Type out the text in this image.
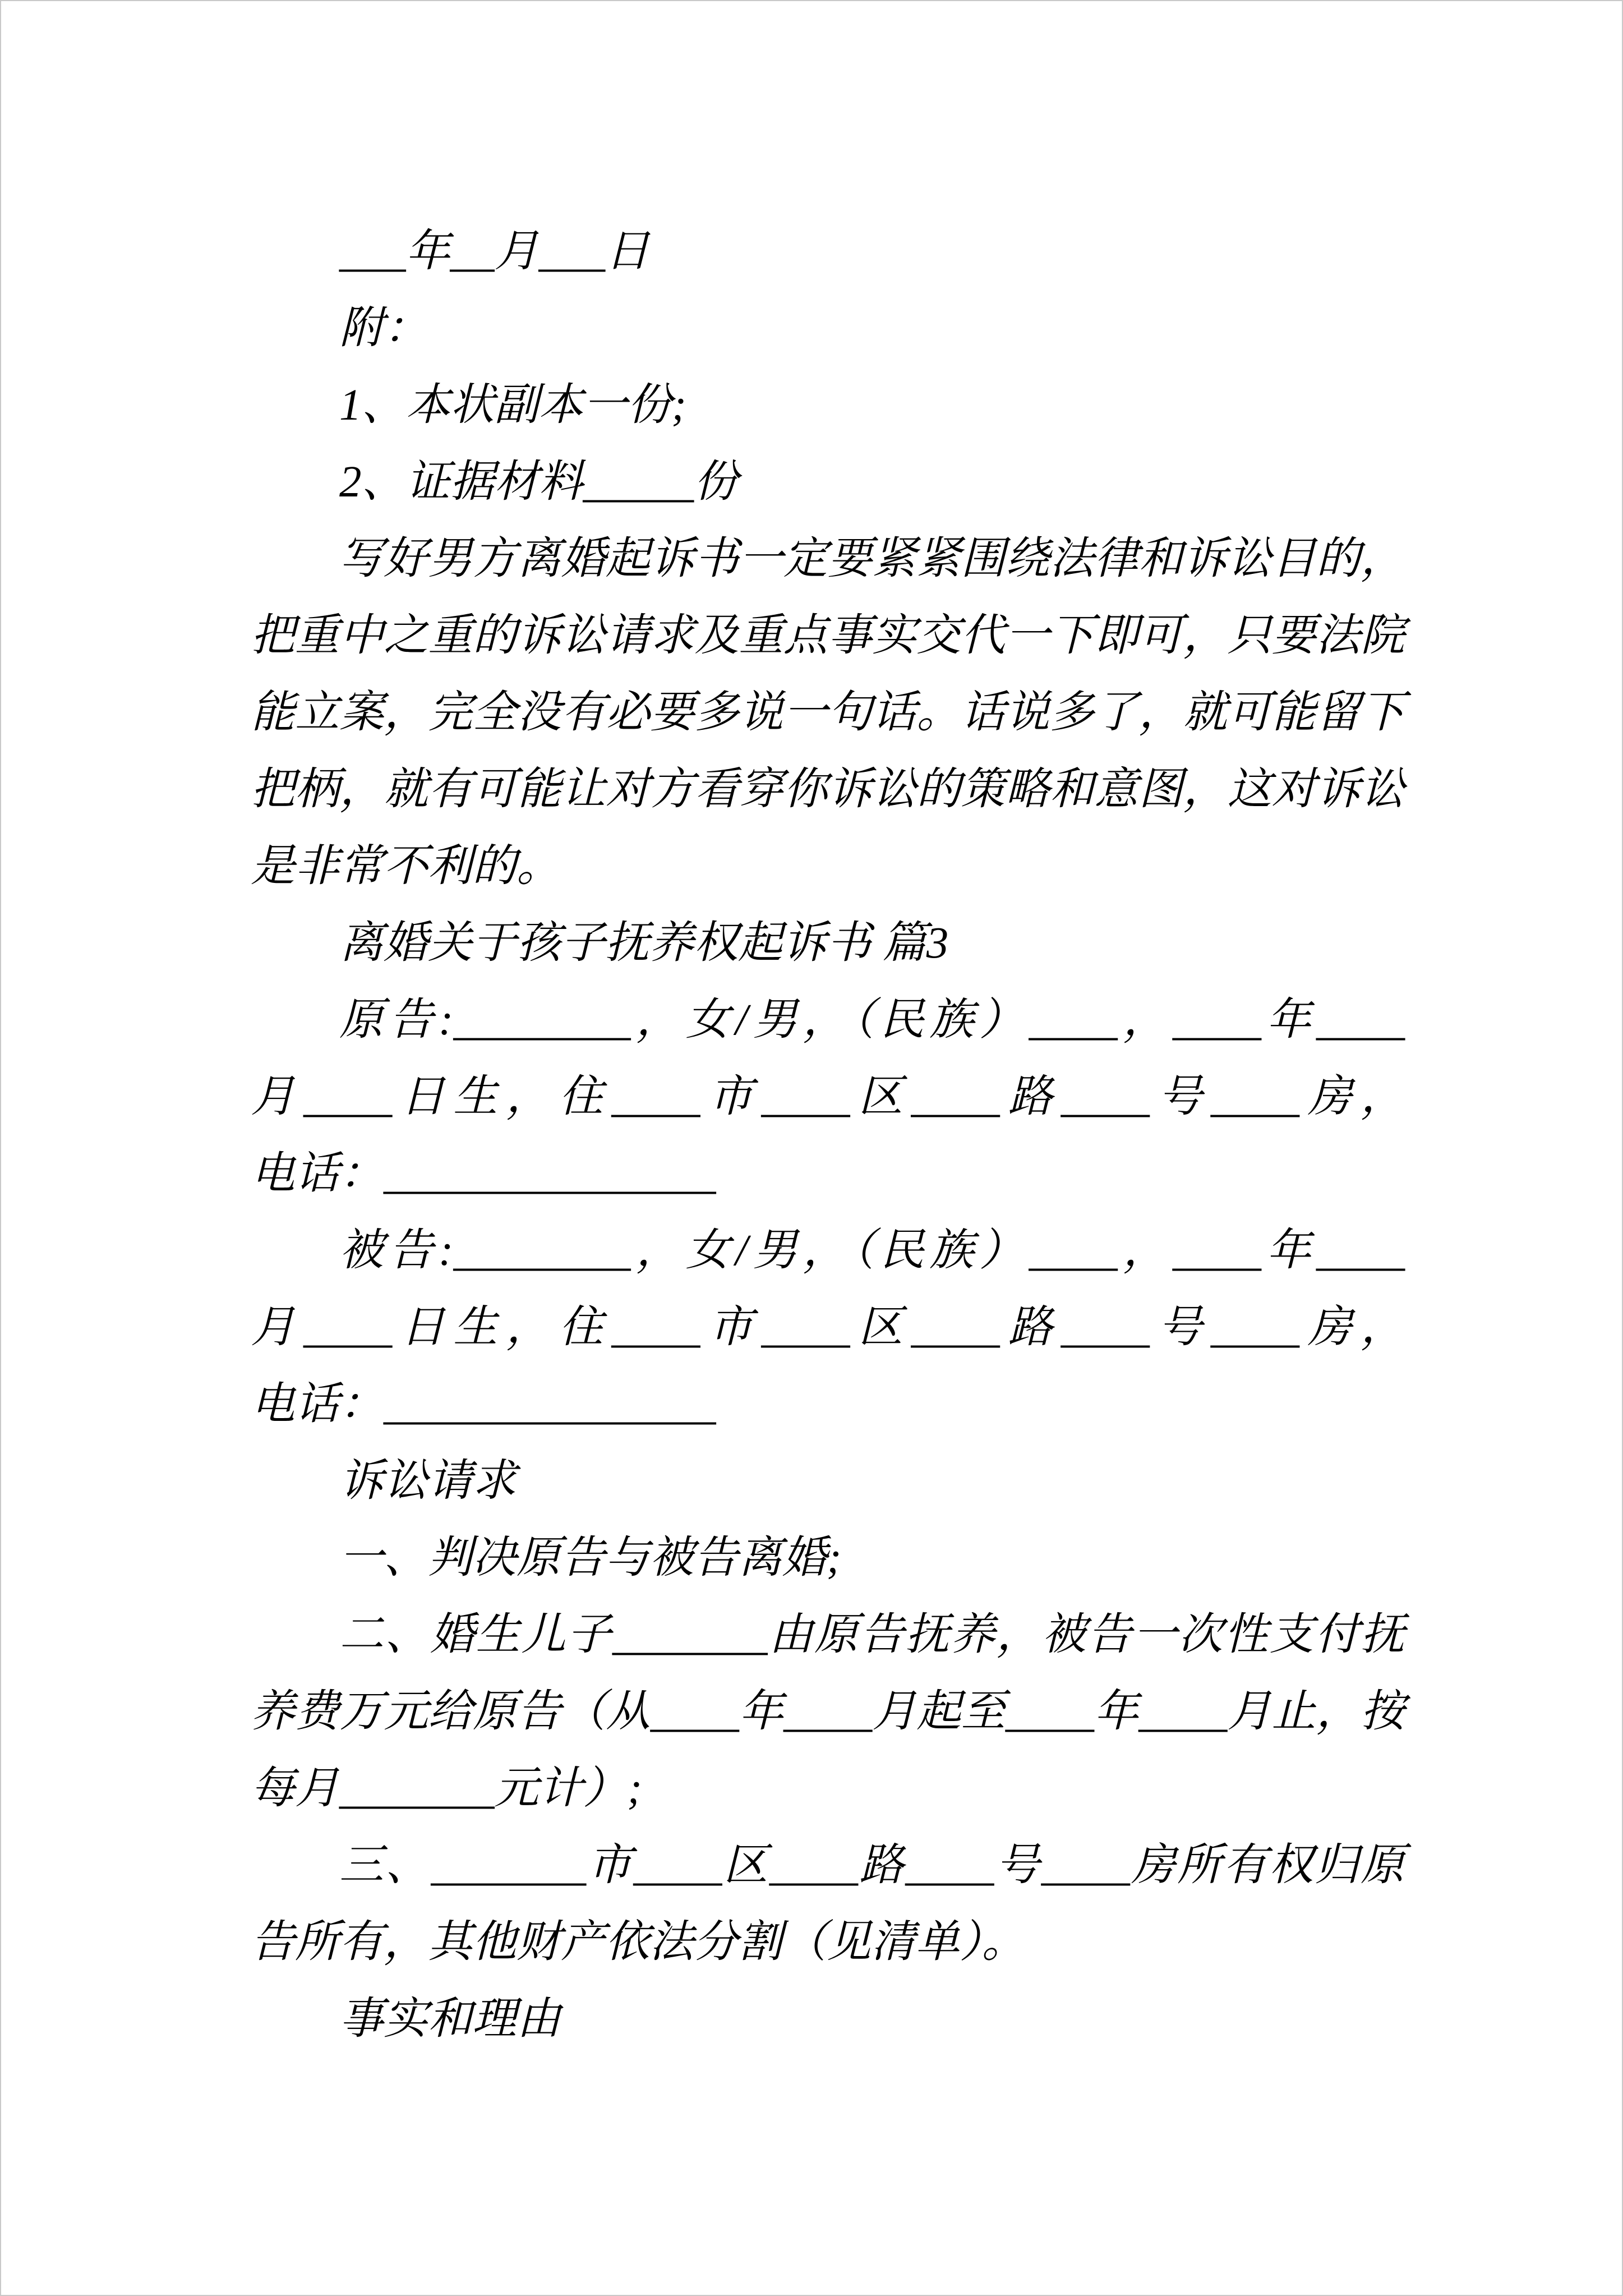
___年__月___日
附：
1、本状副本一份;
2、证据材料_____份
写好男方离婚起诉书一定要紧紧围绕法律和诉讼目的，
把重中之重的诉讼请求及重点事实交代一下即可，只要法院
能立案，完全没有必要多说一句话。话说多了，就可能留下
把柄，就有可能让对方看穿你诉讼的策略和意图，这对诉讼
是非常不利的。
离婚关于孩子抚养权起诉书 篇3
原告:________，女/男，（民族）____，____年____
月____日生，住____市____区____路____号____房，
电话：_______________
被告:________，女/男，（民族）____，____年____
月____日生，住____市____区____路____号____房，
电话：_______________
诉讼请求
一、判决原告与被告离婚;
二、婚生儿子_______由原告抚养，被告一次性支付抚
养费万元给原告（从____年____月起至____年____月止，按
每月_______元计）;
三、_______市____区____路____号____房所有权归原
告所有，其他财产依法分割（见清单）。
事实和理由
